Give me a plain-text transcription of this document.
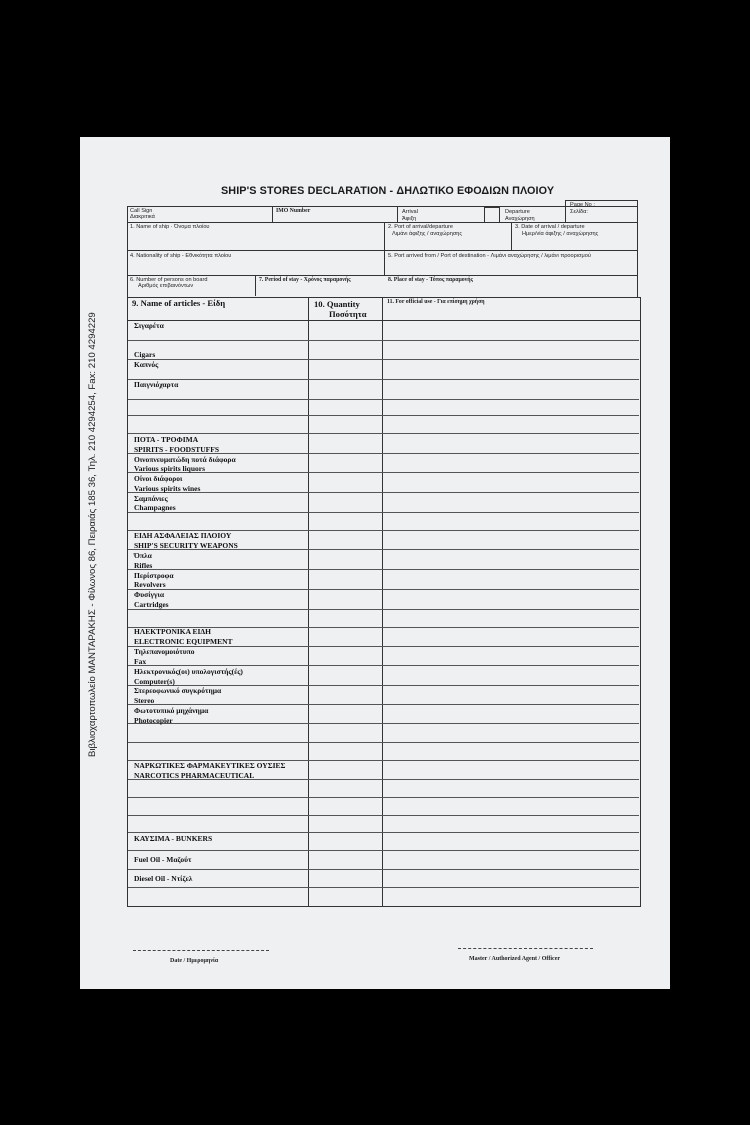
Βιβλιοχαρτοπωλείο ΜΑΝΤΑΡΑΚΗΣ - Φίλωνος 86, Πειραιάς 185 36, Τηλ. 210 4294254, Fax: 210 4294229
SHIP'S STORES DECLARATION - ΔΗΛΩΤΙΚΟ ΕΦΟΔΙΩΝ ΠΛΟΙΟΥ
Page No :
Σελίδα:
Call Sign
Διακριτικά
IMO Number	Arrival
Άφιξη
Departure
Αναχώρηση
1. Name of ship · Όνομα πλοίου	2. Port of arrival/departure
Λιμάνι άφιξης / αναχώρησης
3. Date of arrival / departure
Ημερ/νία άφιξης / αναχώρησης
4. Nationality of ship - Εθνικότητα πλοίου	5. Port arrived from / Port of destination - Λιμάνι αναχώρησης / λιμάνι προορισμού
6. Number of persons on board
Αριθμός επιβαινόντων
7. Period of stay - Χρόνος παραμονής	8. Place of stay - Τόπος παραμονής
9. Name of articles - Είδη	10. Quantity
Ποσότητα
11. For official use - Για επίσημη χρήση
Σιγαρέτα
Cigars
Καπνός
Παιγνιόχαρτα
ΠΟΤΑ - ΤΡΟΦΙΜΑ
SPIRITS - FOODSTUFFS
Οινοπνευματώδη ποτά διάφορα
Various spirits liquors
Οίνοι διάφοροι
Various spirits wines
Σαμπάνιες
Champagnes
ΕΙΔΗ ΑΣΦΑΛΕΙΑΣ ΠΛΟΙΟΥ
SHIP'S SECURITY WEAPONS
Όπλα
Rifles
Περίστροφα
Revolvers
Φυσίγγια
Cartridges
ΗΛΕΚΤΡΟΝΙΚΑ ΕΙΔΗ
ELECTRONIC EQUIPMENT
Τηλεπανομοιότυπο
Fax
Ηλεκτρονικός(οι) υπολογιστής(ές)
Computer(s)
Στερεοφωνικό συγκρότημα
Stereo
Φωτοτυπικό μηχάνημα
Photocopier
ΝΑΡΚΩΤΙΚΕΣ ΦΑΡΜΑΚΕΥΤΙΚΕΣ ΟΥΣΙΕΣ
NARCOTICS PHARMACEUTICAL
ΚΑΥΣΙΜΑ - BUNKERS
Fuel Oil - Μαζούτ
Diesel Oil - Ντίζελ
Date / Ημερομηνία	Master / Authorized Agent / Officer
